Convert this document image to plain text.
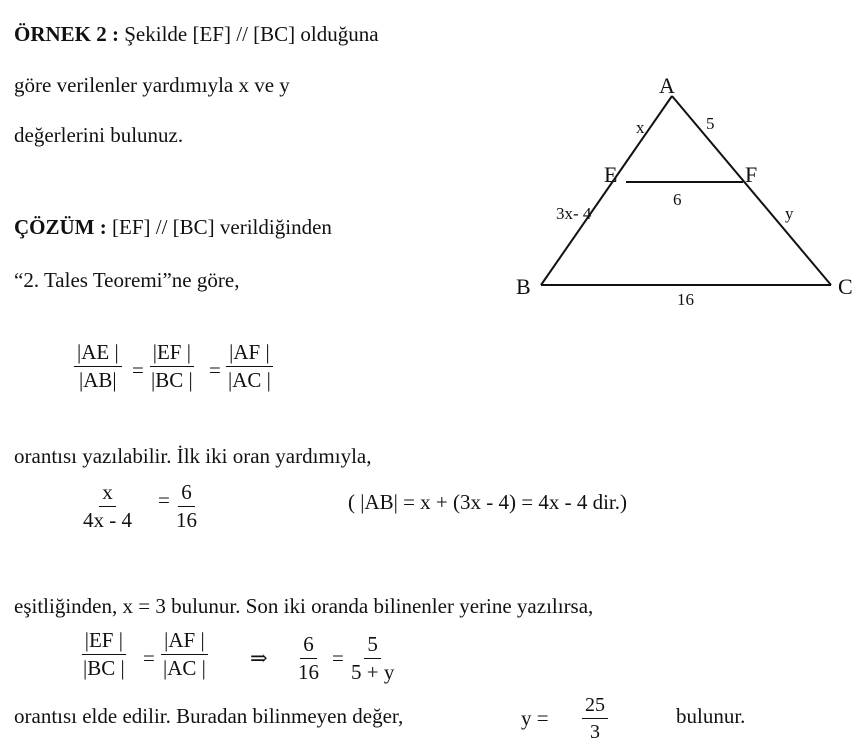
ÖRNEK 2 : Şekilde [EF] // [BC] olduğuna
göre verilenler yardımıyla x ve y
değerlerini bulunuz.
ÇÖZÜM : [EF] // [BC] verildiğinden
“2. Tales Teoremi”ne göre,
$\frac{|AE |}{|AB|} = \frac{|EF |}{|BC |} = \frac{|AF |}{|AC |}$
orantısı yazılabilir. İlk iki oran yardımıyla,
$\frac{x}{4x - 4} = \frac{6}{16}$	( |AB| = x + (3x - 4) = 4x - 4 dir.)
eşitliğinden, x = 3 bulunur. Son iki oranda bilinenler yerine yazılırsa,
$\frac{|EF |}{|BC |} = \frac{|AF |}{|AC |}$ ⇒ $\frac{6}{16} = \frac{5}{5 + y}$
orantısı elde edilir. Buradan bilinmeyen değer,	$y = \frac{25}{3}$	bulunur.
A
B	C
E	F
x	5
6
3x- 4	y
16
